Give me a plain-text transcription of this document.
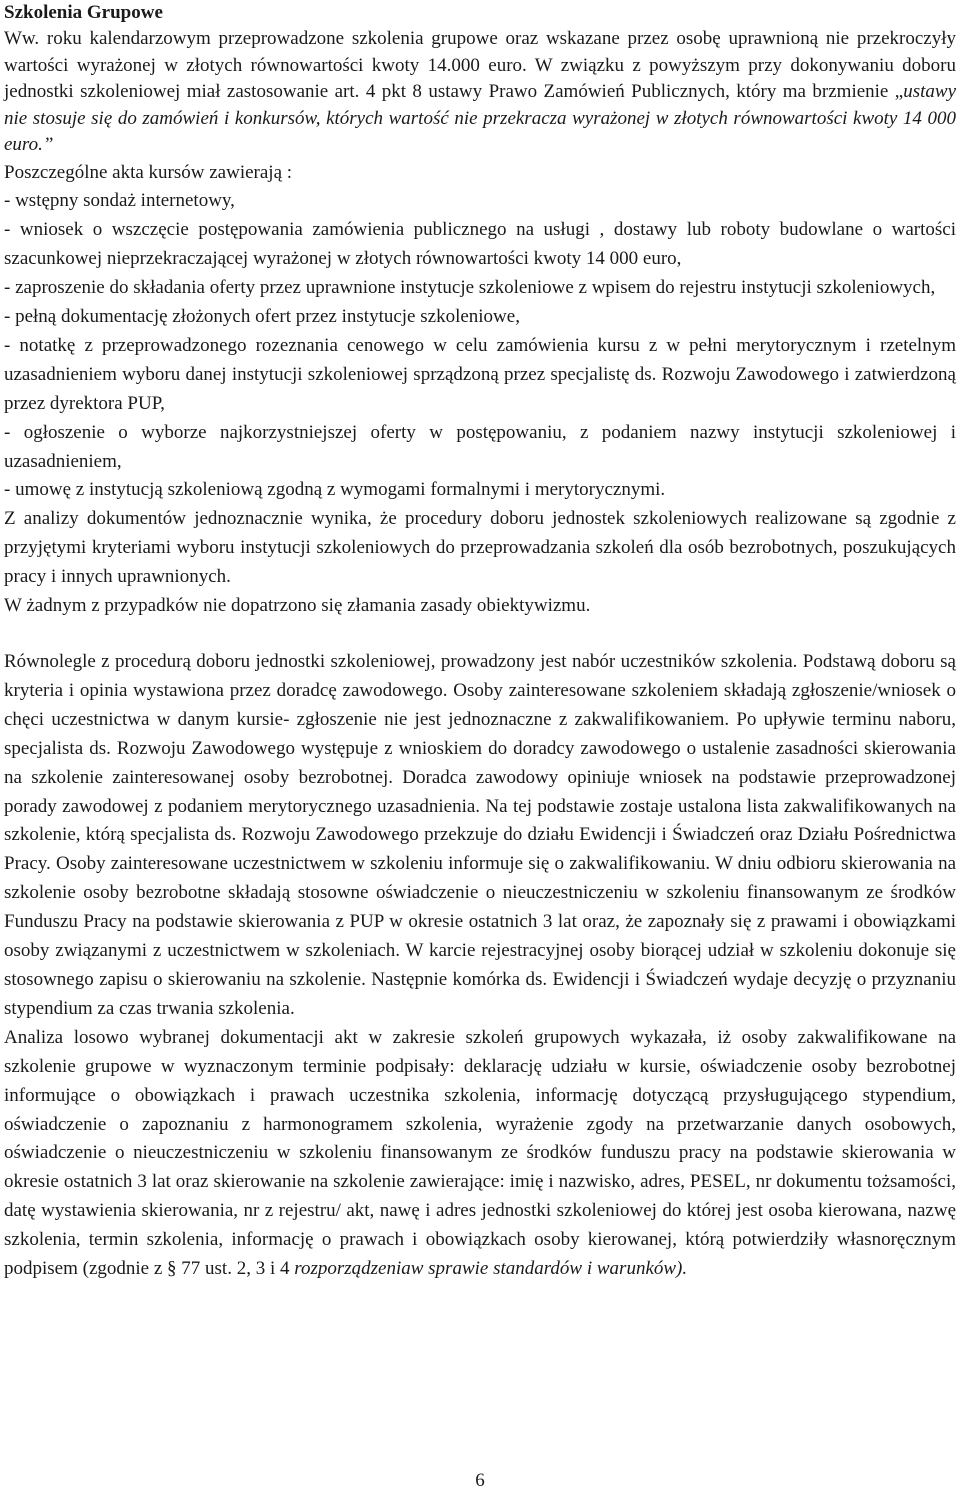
Szkolenia Grupowe

Ww. roku kalendarzowym przeprowadzone szkolenia grupowe oraz wskazane przez osobę uprawnioną nie przekroczyły wartości wyrażonej w złotych równowartości kwoty 14.000 euro. W związku z powyższym przy dokonywaniu doboru jednostki szkoleniowej miał zastosowanie art. 4 pkt 8 ustawy Prawo Zamówień Publicznych, który ma brzmienie „ustawy nie stosuje się do zamówień i konkursów, których wartość nie przekracza wyrażonej w złotych równowartości kwoty 14 000 euro.”

Poszczególne akta kursów zawierają :

- wstępny sondaż internetowy,

- wniosek o wszczęcie postępowania zamówienia publicznego na usługi , dostawy lub roboty budowlane o wartości szacunkowej nieprzekraczającej wyrażonej w złotych równowartości kwoty 14 000 euro,

- zaproszenie do składania oferty przez uprawnione instytucje szkoleniowe z wpisem do rejestru instytucji szkoleniowych,

- pełną dokumentację złożonych ofert przez instytucje szkoleniowe,

- notatkę z przeprowadzonego rozeznania cenowego w celu zamówienia kursu z w pełni merytorycznym i rzetelnym uzasadnieniem wyboru danej instytucji szkoleniowej sprządzoną przez specjalistę ds. Rozwoju Zawodowego i zatwierdzoną przez dyrektora PUP,

- ogłoszenie o wyborze najkorzystniejszej oferty w postępowaniu, z podaniem nazwy instytucji szkoleniowej i uzasadnieniem,

- umowę z instytucją szkoleniową zgodną z wymogami formalnymi i merytorycznymi.

Z analizy dokumentów jednoznacznie wynika, że procedury doboru jednostek szkoleniowych realizowane są zgodnie z przyjętymi kryteriami wyboru instytucji szkoleniowych do przeprowadzania szkoleń dla osób bezrobotnych, poszukujących pracy i innych uprawnionych.

W żadnym z przypadków nie dopatrzono się złamania zasady obiektywizmu.

Równolegle z procedurą doboru jednostki szkoleniowej, prowadzony jest nabór uczestników szkolenia. Podstawą doboru są kryteria i opinia wystawiona przez doradcę zawodowego. Osoby zainteresowane szkoleniem składają zgłoszenie/wniosek o chęci uczestnictwa w danym kursie- zgłoszenie nie jest jednoznaczne z zakwalifikowaniem. Po upływie terminu naboru, specjalista ds. Rozwoju Zawodowego występuje z wnioskiem do doradcy zawodowego o ustalenie zasadności skierowania na szkolenie zainteresowanej osoby bezrobotnej. Doradca zawodowy opiniuje wniosek na podstawie przeprowadzonej porady zawodowej z podaniem merytorycznego uzasadnienia. Na tej podstawie zostaje ustalona lista zakwalifikowanych na szkolenie, którą specjalista ds. Rozwoju Zawodowego przekzuje do działu Ewidencji i Świadczeń oraz Działu Pośrednictwa Pracy. Osoby zainteresowane uczestnictwem w szkoleniu informuje się o zakwalifikowaniu. W dniu odbioru skierowania na szkolenie osoby bezrobotne składają stosowne oświadczenie o nieuczestniczeniu w szkoleniu finansowanym ze środków Funduszu Pracy na podstawie skierowania z PUP w okresie ostatnich 3 lat oraz, że zapoznały się z prawami i obowiązkami osoby związanymi z uczestnictwem w szkoleniach. W karcie rejestracyjnej osoby biorącej udział w szkoleniu dokonuje się stosownego zapisu o skierowaniu na szkolenie. Następnie komórka ds. Ewidencji i Świadczeń wydaje decyzję o przyznaniu stypendium za czas trwania szkolenia.

Analiza losowo wybranej dokumentacji akt w zakresie szkoleń grupowych wykazała, iż osoby zakwalifikowane na szkolenie grupowe w wyznaczonym terminie podpisały: deklarację udziału w kursie, oświadczenie osoby bezrobotnej informujące o obowiązkach i prawach uczestnika szkolenia, informację dotyczącą przysługującego stypendium, oświadczenie o zapoznaniu z harmonogramem szkolenia, wyrażenie zgody na przetwarzanie danych osobowych, oświadczenie o nieuczestniczeniu w szkoleniu finansowanym ze środków funduszu pracy na podstawie skierowania w okresie ostatnich 3 lat oraz skierowanie na szkolenie zawierające: imię i nazwisko, adres, PESEL, nr dokumentu tożsamości, datę wystawienia skierowania, nr z rejestru/ akt, nawę i adres jednostki szkoleniowej do której jest osoba kierowana, nazwę szkolenia, termin szkolenia, informację o prawach i obowiązkach osoby kierowanej, którą potwierdziły własnoręcznym podpisem (zgodnie z § 77 ust. 2, 3 i 4 rozporządzeniaw sprawie standardów i warunków).

6
